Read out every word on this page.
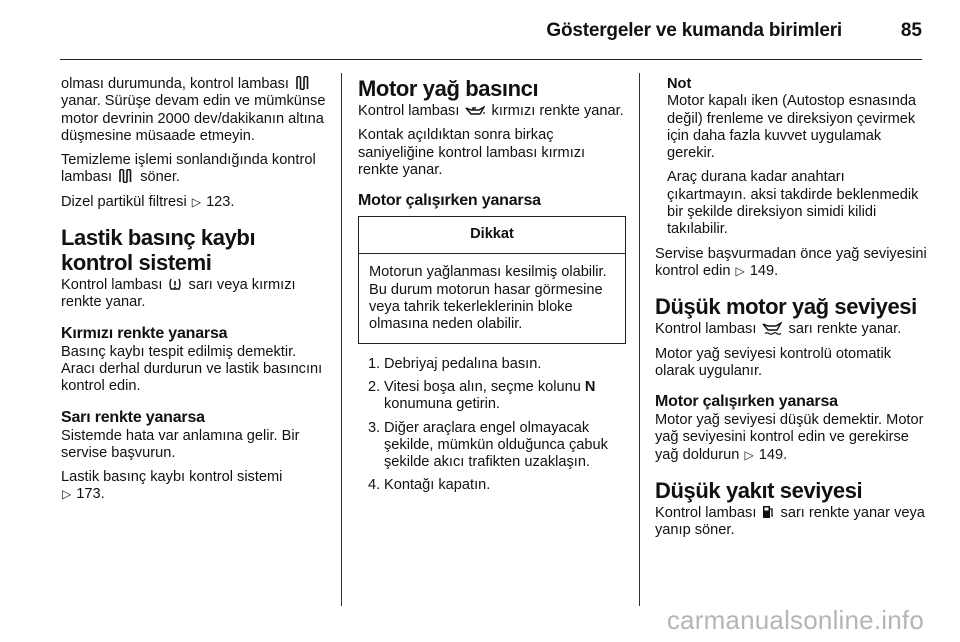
Göstergeler ve kumanda birimleri	85

olması durumunda, kontrol lambası  yanar. Sürüşe devam edin ve mümkünse motor devrinin 2000 dev/dakikanın altına düşmesine müsaade etmeyin.

Temizleme işlemi sonlandığında kontrol lambası söner.

Dizel partikül filtresi ▷ 123.

Lastik basınç kaybı kontrol sistemi

Kontrol lambası sarı veya kırmızı renkte yanar.

Kırmızı renkte yanarsa

Basınç kaybı tespit edilmiş demektir. Aracı derhal durdurun ve lastik basıncını kontrol edin.

Sarı renkte yanarsa

Sistemde hata var anlamına gelir. Bir servise başvurun.

Lastik basınç kaybı kontrol sistemi
▷ 173.

Motor yağ basıncı

Kontrol lambası kırmızı renkte yanar.

Kontak açıldıktan sonra birkaç saniyeliğine kontrol lambası kırmızı renkte yanar.

Motor çalışırken yanarsa
Dikkat
Motorun yağlanması kesilmiş olabilir. Bu durum motorun hasar görmesine veya tahrik tekerleklerinin bloke olmasına neden olabilir.
1. Debriyaj pedalına basın.
2. Vitesi boşa alın, seçme kolunu N konumuna getirin.
3. Diğer araçlara engel olmayacak şekilde, mümkün olduğunca çabuk şekilde akıcı trafikten uzaklaşın.
4. Kontağı kapatın.
Not

Motor kapalı iken (Autostop esnasında değil) frenleme ve direksiyon çevirmek için daha fazla kuvvet uygulamak gerekir.

Araç durana kadar anahtarı çıkartmayın. aksi takdirde beklenmedik bir şekilde direksiyon simidi kilidi takılabilir.

Servise başvurmadan önce yağ seviyesini kontrol edin ▷ 149.

Düşük motor yağ seviyesi

Kontrol lambası sarı renkte yanar.

Motor yağ seviyesi kontrolü otomatik olarak uygulanır.

Motor çalışırken yanarsa

Motor yağ seviyesi düşük demektir. Motor yağ seviyesini kontrol edin ve gerekirse yağ doldurun ▷ 149.

Düşük yakıt seviyesi

Kontrol lambası sarı renkte yanar veya yanıp söner.

carmanualsonline.info
